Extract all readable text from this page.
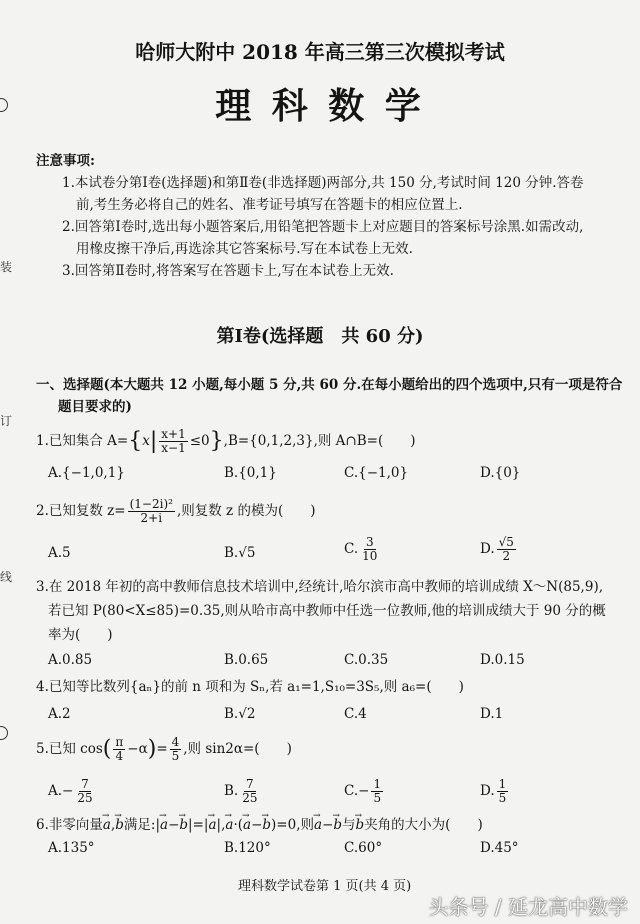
装
订
线
哈师大附中 2018 年高三第三次模拟考试
理 科 数 学
注意事项:
1.本试卷分第Ⅰ卷(选择题)和第Ⅱ卷(非选择题)两部分,共 150 分,考试时间 120 分钟.答卷
前,考生务必将自己的姓名、准考证号填写在答题卡的相应位置上.
2.回答第Ⅰ卷时,选出每小题答案后,用铅笔把答题卡上对应题目的答案标号涂黑.如需改动,
用橡皮擦干净后,再选涂其它答案标号.写在本试卷上无效.
3.回答第Ⅱ卷时,将答案写在答题卡上,写在本试卷上无效.
第Ⅰ卷(选择题　共 60 分)
一、选择题(本大题共 12 小题,每小题 5 分,共 60 分.在每小题给出的四个选项中,只有一项是符合
题目要求的)
1.已知集合 $A=\{x| \frac{x+1}{x-1} \le 0\},B=\{0,1,2,3\}$,则 A∩B=(　　)
A.{−1,0,1}	B.{0,1}	C.{−1,0}	D.{0}
2.已知复数 $z= \frac{\text{(1−2i)²}}{2+i}$ ,则复数 z 的模为(　　)
A.5	B.√5	C. $\frac{3}{10}$	D. $\frac{√5}{2}$
3.在 2018 年初的高中教师信息技术培训中,经统计,哈尔滨市高中教师的培训成绩 X～N(85,9),
若已知 P(80<X≤85)=0.35,则从哈市高中教师中任选一位教师,他的培训成绩大于 90 分的概
率为(　　)
A.0.85	B.0.65	C.0.35	D.0.15
4.已知等比数列{aₙ}的前 n 项和为 Sₙ,若 a₁=1,S₁₀=3S₅,则 a₆=(　　)
A.2	B.√2	C.4	D.1
5.已知 $\cos( \frac{\pi}{4} -\alpha)= \frac{4}{5}$ ,则 sin2α=(　　)
$A.- \frac{7}{25}$	B. $\frac{7}{25}$	$C.- \frac{1}{5}$	D. $\frac{1}{5}$
6.非零向量→ a,→ b满足:|→ a−→ b|=|→ a|,→ a·(→ a−→ b)=0,则→ a−→ b与→ b夹角的大小为(　　)
A.135°	B.120°	C.60°	D.45°
理科数学试卷第 1 页(共 4 页)
头条号 / 延龙高中数学
